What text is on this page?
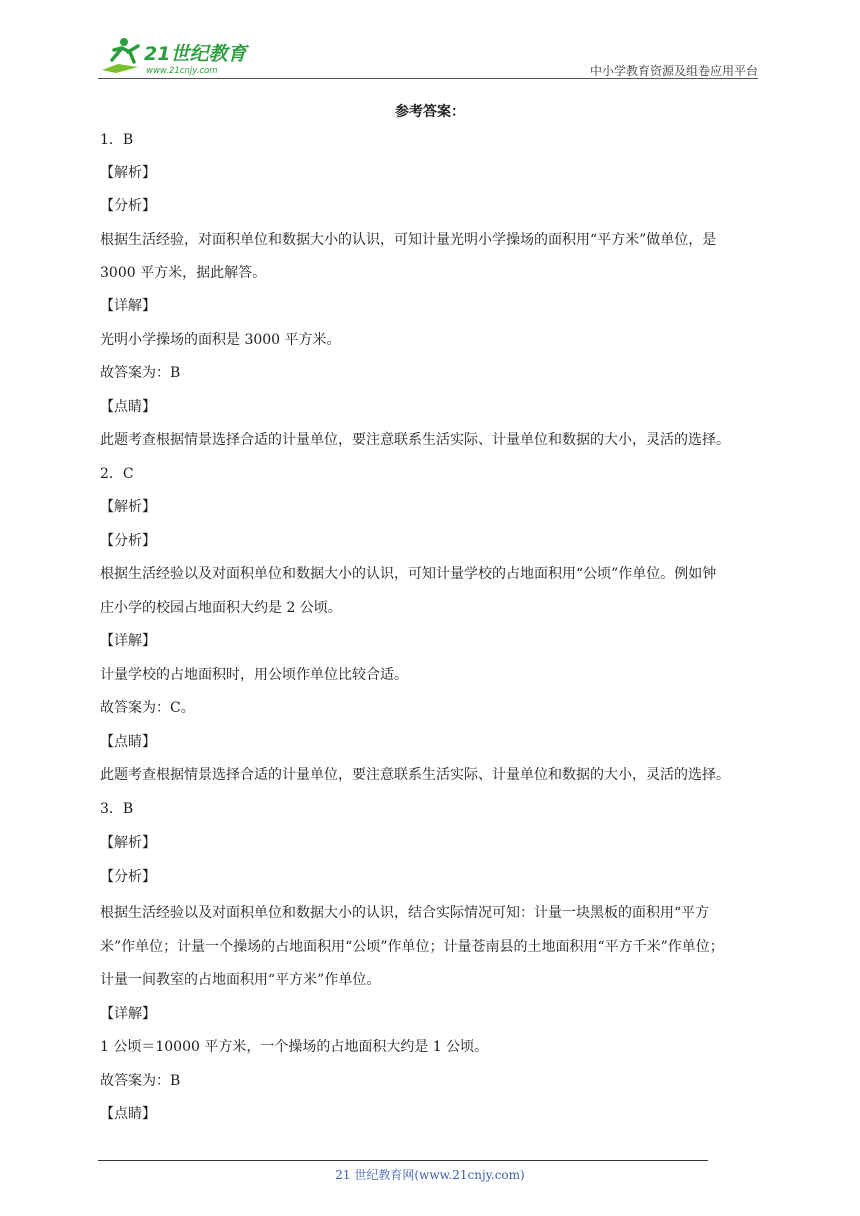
21世纪教育
www.21cnjy.com	中小学教育资源及组卷应用平台
参考答案：
1．B
【解析】
【分析】
根据生活经验，对面积单位和数据大小的认识，可知计量光明小学操场的面积用“平方米”做单位，是
3000 平方米，据此解答。
【详解】
光明小学操场的面积是 3000 平方米。
故答案为：B
【点睛】
此题考查根据情景选择合适的计量单位，要注意联系生活实际、计量单位和数据的大小，灵活的选择。
2．C
【解析】
【分析】
根据生活经验以及对面积单位和数据大小的认识，可知计量学校的占地面积用“公顷”作单位。例如钟
庄小学的校园占地面积大约是 2 公顷。
【详解】
计量学校的占地面积时，用公顷作单位比较合适。
故答案为：C。
【点睛】
此题考查根据情景选择合适的计量单位，要注意联系生活实际、计量单位和数据的大小，灵活的选择。
3．B
【解析】
【分析】
根据生活经验以及对面积单位和数据大小的认识，结合实际情况可知：计量一块黑板的面积用“平方
米”作单位；计量一个操场的占地面积用“公顷”作单位；计量苍南县的土地面积用“平方千米”作单位；
计量一间教室的占地面积用“平方米”作单位。
【详解】
1 公顷＝10000 平方米，一个操场的占地面积大约是 1 公顷。
故答案为：B
【点睛】
21 世纪教育网(www.21cnjy.com)
